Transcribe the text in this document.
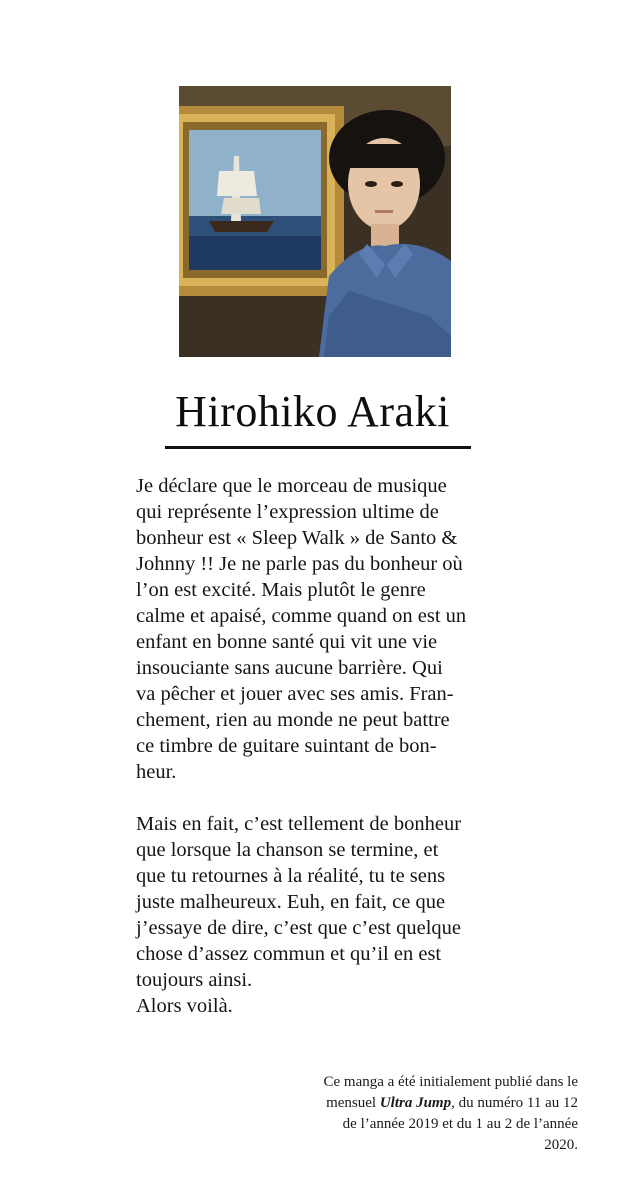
Hirohiko Araki

Je déclare que le morceau de musique
qui représente l’expression ultime de
bonheur est « Sleep Walk » de Santo &
Johnny !! Je ne parle pas du bonheur où
l’on est excité. Mais plutôt le genre
calme et apaisé, comme quand on est un
enfant en bonne santé qui vit une vie
insouciante sans aucune barrière. Qui
va pêcher et jouer avec ses amis. Fran-
chement, rien au monde ne peut battre
ce timbre de guitare suintant de bon-
heur.

Mais en fait, c’est tellement de bonheur
que lorsque la chanson se termine, et
que tu retournes à la réalité, tu te sens
juste malheureux. Euh, en fait, ce que
j’essaye de dire, c’est que c’est quelque
chose d’assez commun et qu’il en est
toujours ainsi.
Alors voilà.

Ce manga a été initialement publié dans le
mensuel Ultra Jump, du numéro 11 au 12
de l’année 2019 et du 1 au 2 de l’année
2020.
